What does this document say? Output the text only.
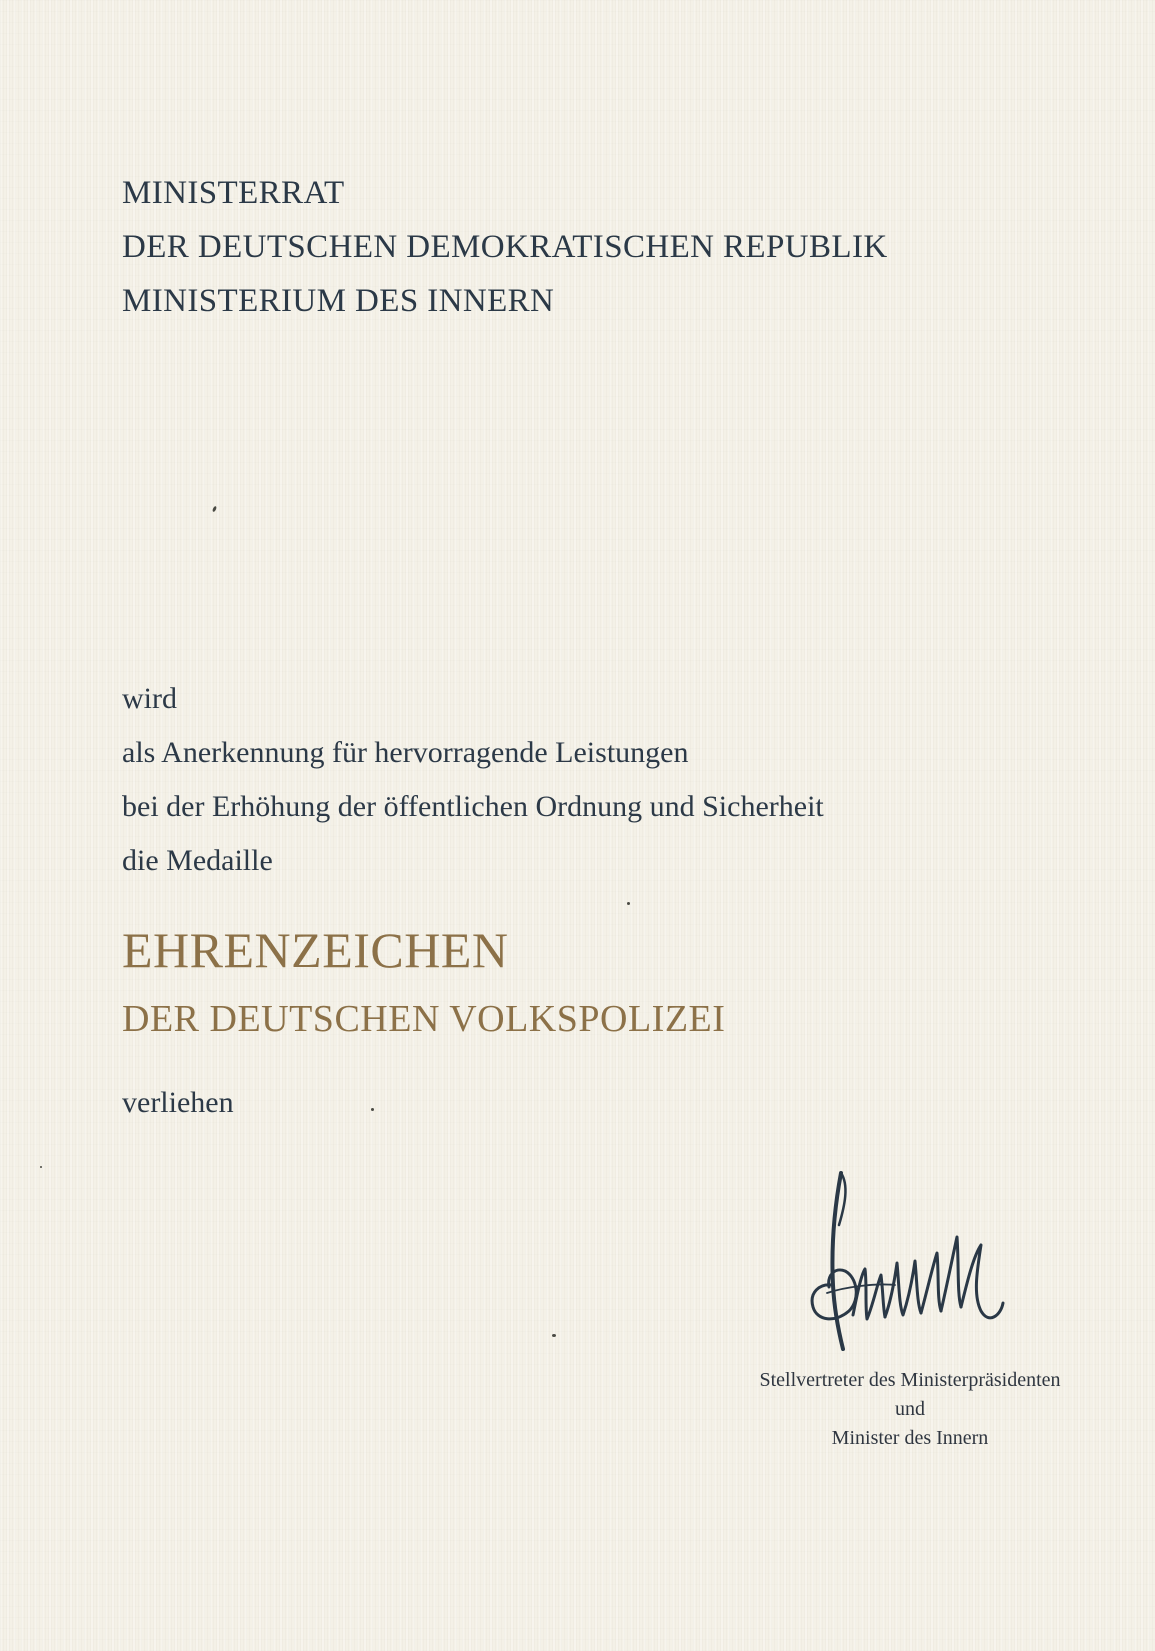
MINISTERRAT
DER DEUTSCHEN DEMOKRATISCHEN REPUBLIK
MINISTERIUM DES INNERN
wird
als Anerkennung für hervorragende Leistungen
bei der Erhöhung der öffentlichen Ordnung und Sicherheit
die Medaille
EHRENZEICHEN
DER DEUTSCHEN VOLKSPOLIZEI
verliehen
Stellvertreter des Ministerpräsidenten
und
Minister des Innern
